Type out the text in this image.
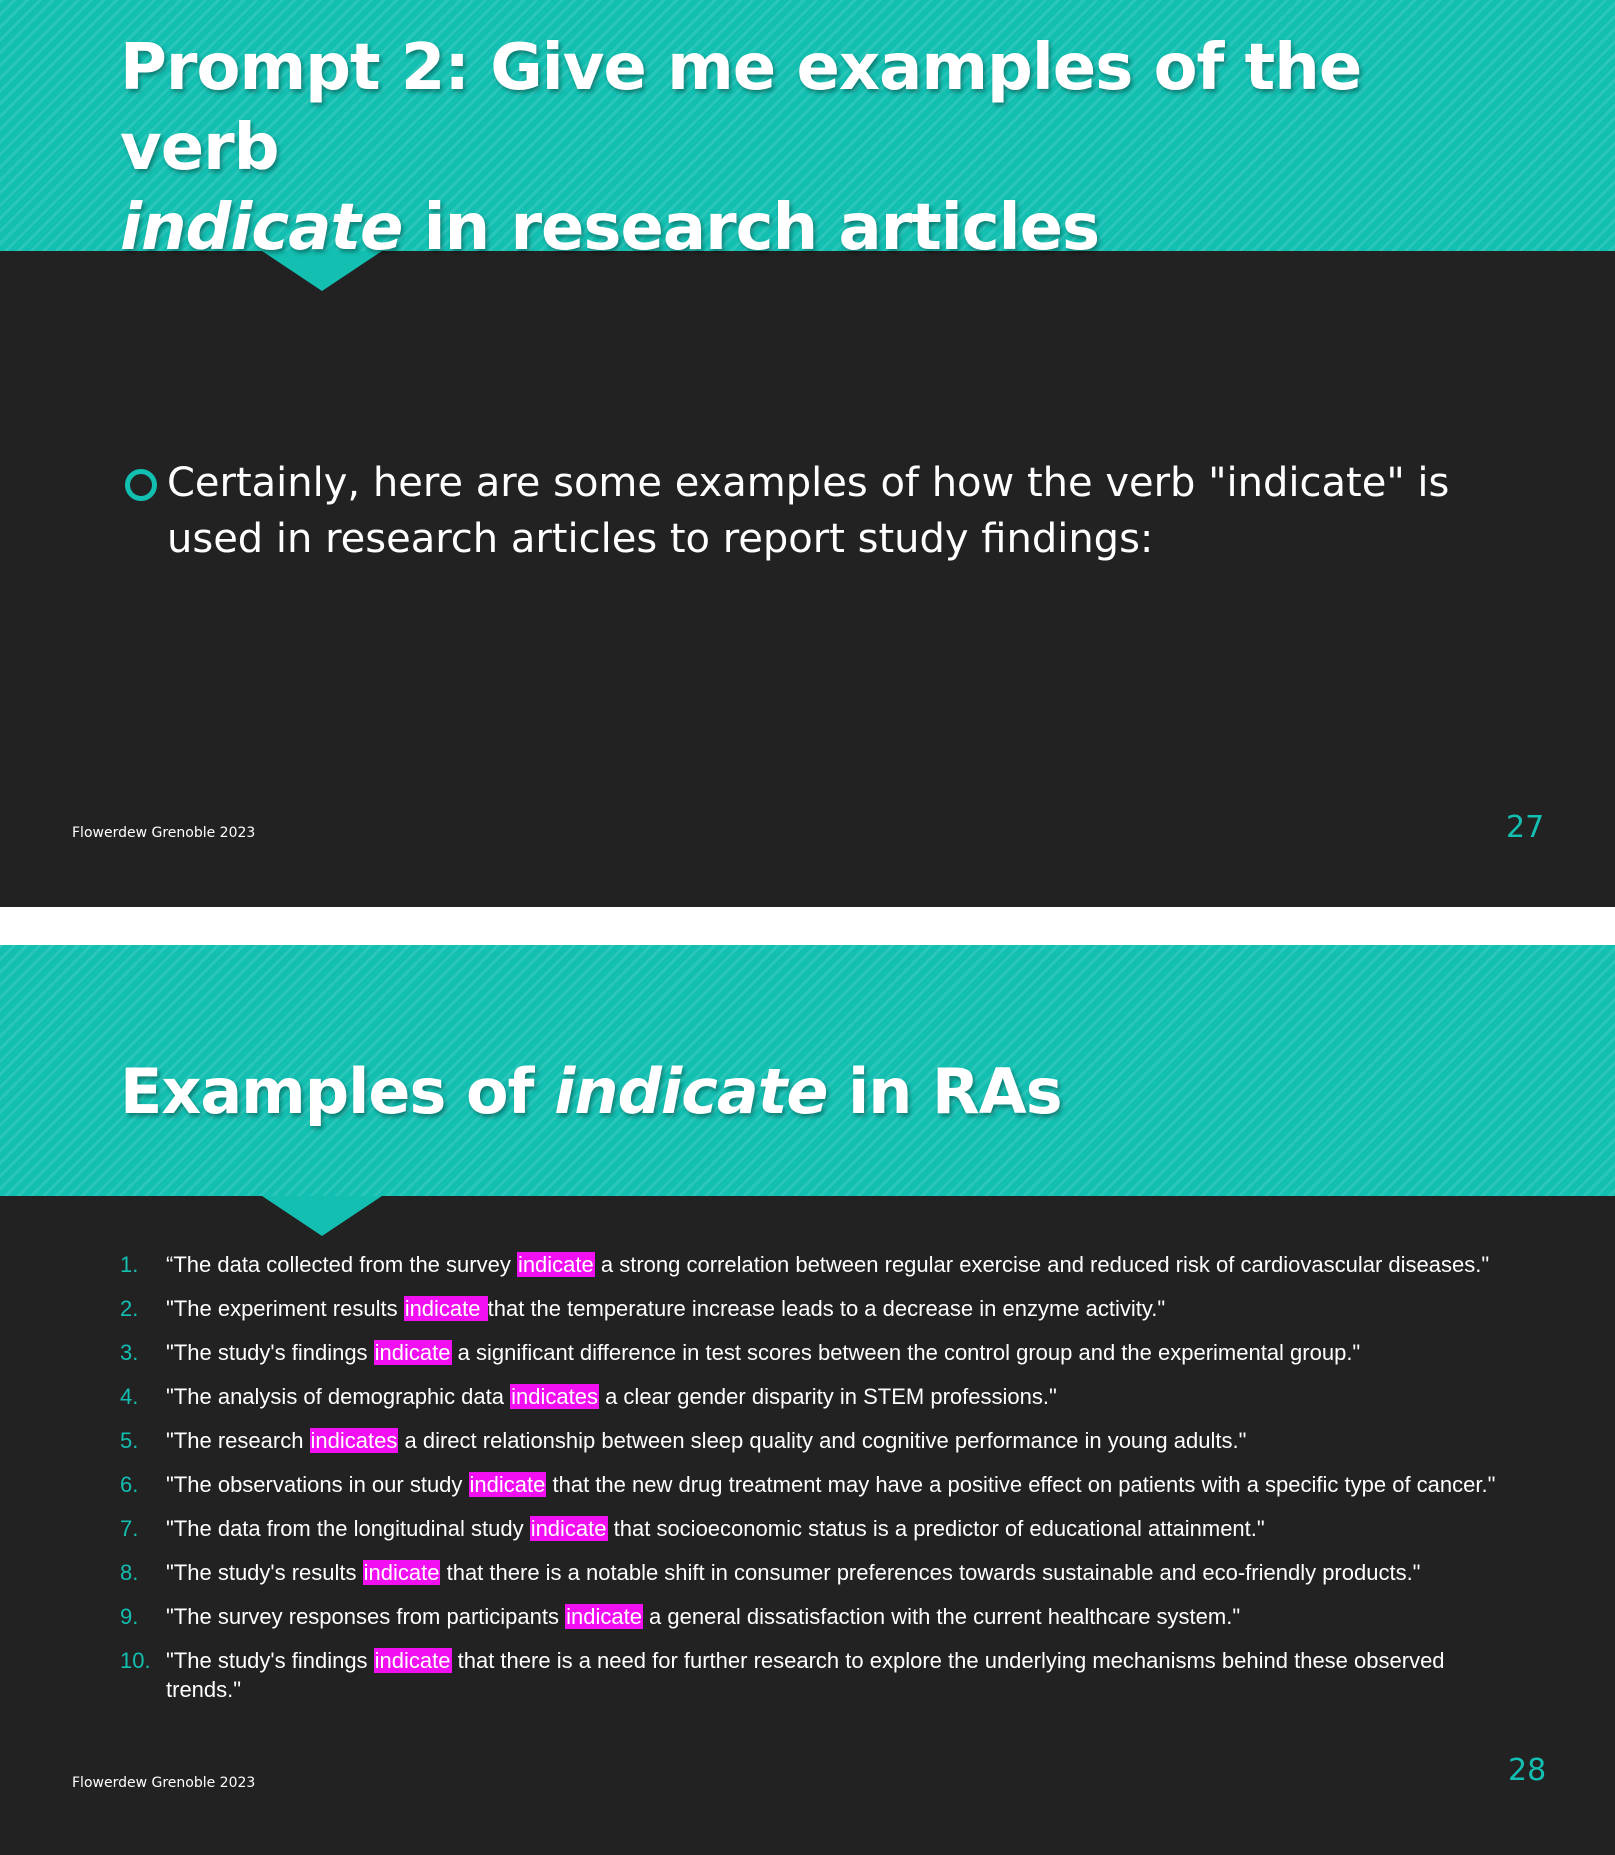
Prompt 2: Give me examples of the verb
indicate in research articles
Certainly, here are some examples of how the verb "indicate" is used in research articles to report study findings:
Flowerdew Grenoble 2023	27
Flowerdew Grenoble 2023	28
Examples of indicate in RAs
1.	“The data collected from the survey indicate a strong correlation between regular exercise and reduced risk of cardiovascular diseases."
2.	"The experiment results indicate that the temperature increase leads to a decrease in enzyme activity."
3.	"The study's findings indicate a significant difference in test scores between the control group and the experimental group."
4.	"The analysis of demographic data indicates a clear gender disparity in STEM professions."
5.	"The research indicates a direct relationship between sleep quality and cognitive performance in young adults."
6.	"The observations in our study indicate that the new drug treatment may have a positive effect on patients with a specific type of cancer."
7.	"The data from the longitudinal study indicate that socioeconomic status is a predictor of educational attainment."
8.	"The study's results indicate that there is a notable shift in consumer preferences towards sustainable and eco-friendly products."
9.	"The survey responses from participants indicate a general dissatisfaction with the current healthcare system."
10. "The study's findings indicate that there is a need for further research to explore the underlying mechanisms behind these observed trends."
